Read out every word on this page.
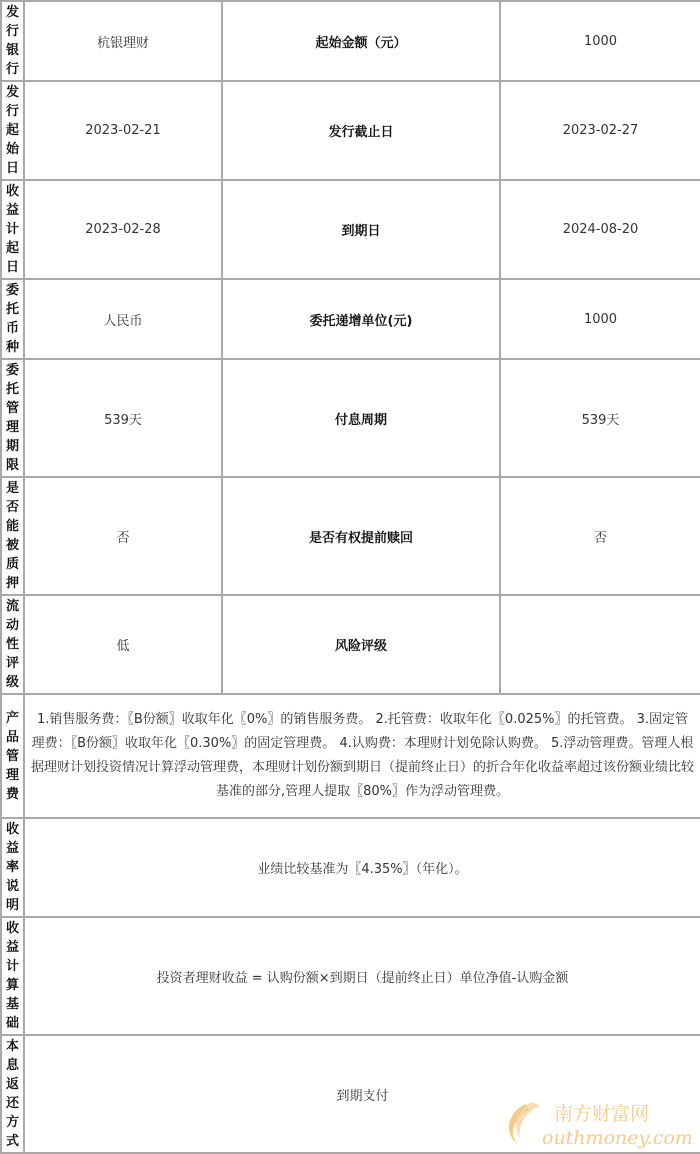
发行银行	杭银理财	起始金额（元）	1000

发行起始日	2023-02-21	发行截止日	2023-02-27

收益计起日	2023-02-28	到期日	2024-08-20

委托币种	人民币	委托递增单位(元)	1000

委托管理期限	539天	付息周期	539天

是否能被质押	否	是否有权提前赎回	否

流动性评级	低	风险评级	

产品管理费	1.销售服务费：〖B份额〗收取年化〖0%〗的销售服务费。 2.托管费：收取年化〖0.025%〗的托管费。 3.固定管理费：〖B份额〗收取年化〖0.30%〗的固定管理费。 4.认购费：本理财计划免除认购费。 5.浮动管理费。管理人根据理财计划投资情况计算浮动管理费，本理财计划份额到期日（提前终止日）的折合年化收益率超过该份额业绩比较基准的部分,管理人提取〖80%〗作为浮动管理费。		

收益率说明	业绩比较基准为〖4.35%〗（年化）。		

收益计算基础	投资者理财收益 = 认购份额×到期日（提前终止日）单位净值-认购金额		

本息返还方式	到期支付		
南方财富网
outhmoney.com
